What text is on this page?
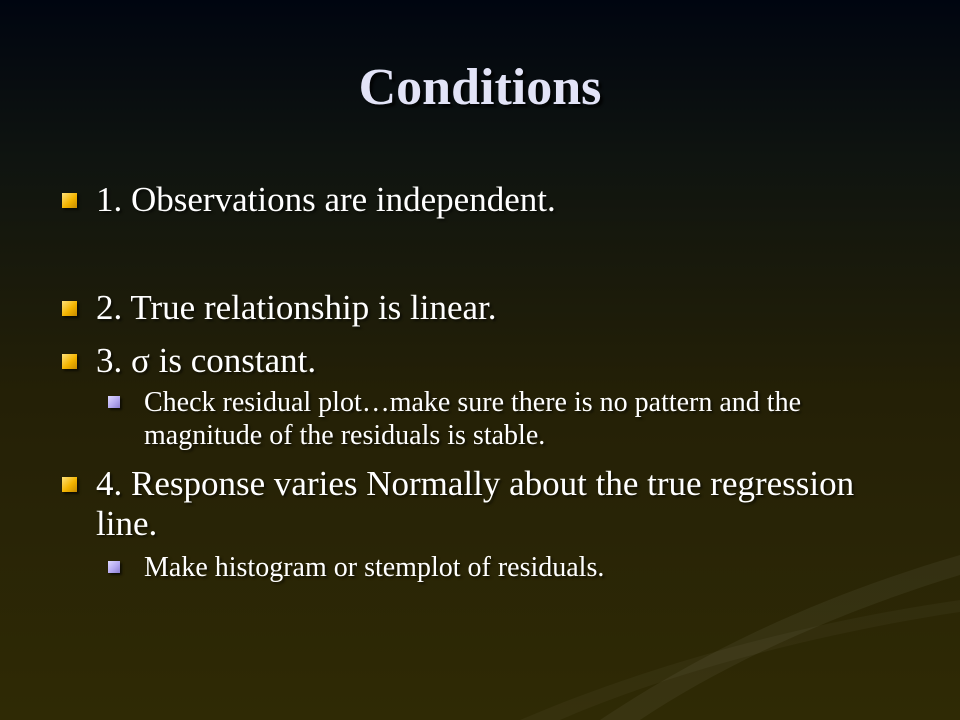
Conditions
1. Observations are independent.
2. True relationship is linear.
3. σ is constant.
Check residual plot…make sure there is no pattern and the magnitude of the residuals is stable.
4. Response varies Normally about the true regression line.
Make histogram or stemplot of residuals.
